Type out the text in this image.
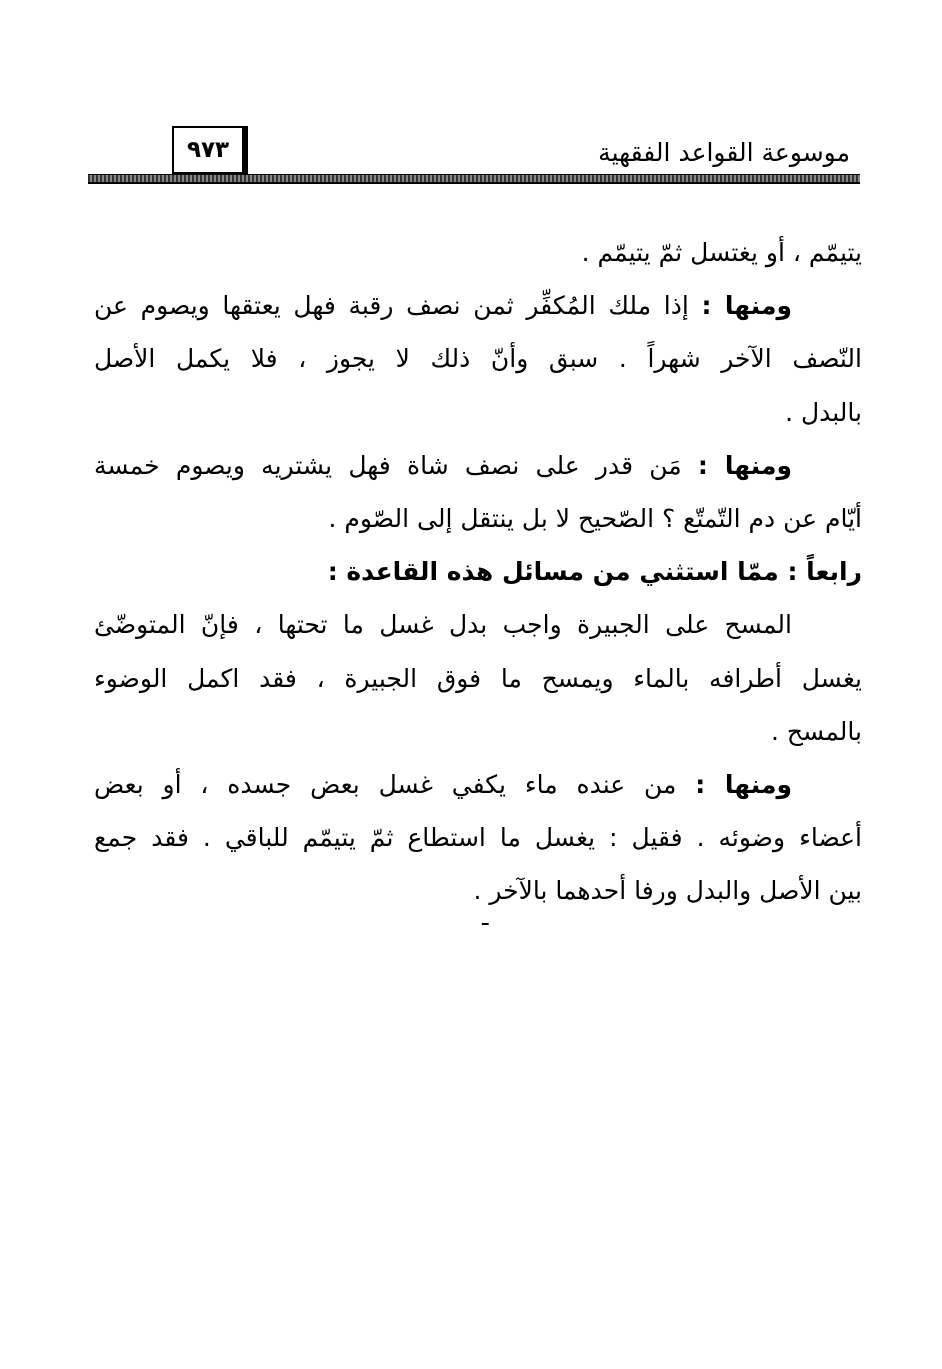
٩٧٣	موسوعة القواعد الفقهية
يتيمّم ، أو يغتسل ثمّ يتيمّم .
ومنها : إذا ملك المُكفِّر ثمن نصف رقبة فهل يعتقها ويصوم عن
النّصف الآخر شهراً . سبق وأنّ ذلك لا يجوز ، فلا يكمل الأصل
بالبدل .
ومنها : مَن قدر على نصف شاة فهل يشتريه ويصوم خمسة
أيّام عن دم التّمتّع ؟ الصّحيح لا بل ينتقل إلى الصّوم .
رابعاً : ممّا استثني من مسائل هذه القاعدة :
المسح على الجبيرة واجب بدل غسل ما تحتها ، فإنّ المتوضّئ
يغسل أطرافه بالماء ويمسح ما فوق الجبيرة ، فقد اكمل الوضوء
بالمسح .
ومنها : من عنده ماء يكفي غسل بعض جسده ، أو بعض
أعضاء وضوئه . فقيل : يغسل ما استطاع ثمّ يتيمّم للباقي . فقد جمع
بين الأصل والبدل ورفا أحدهما بالآخر .
ـ
